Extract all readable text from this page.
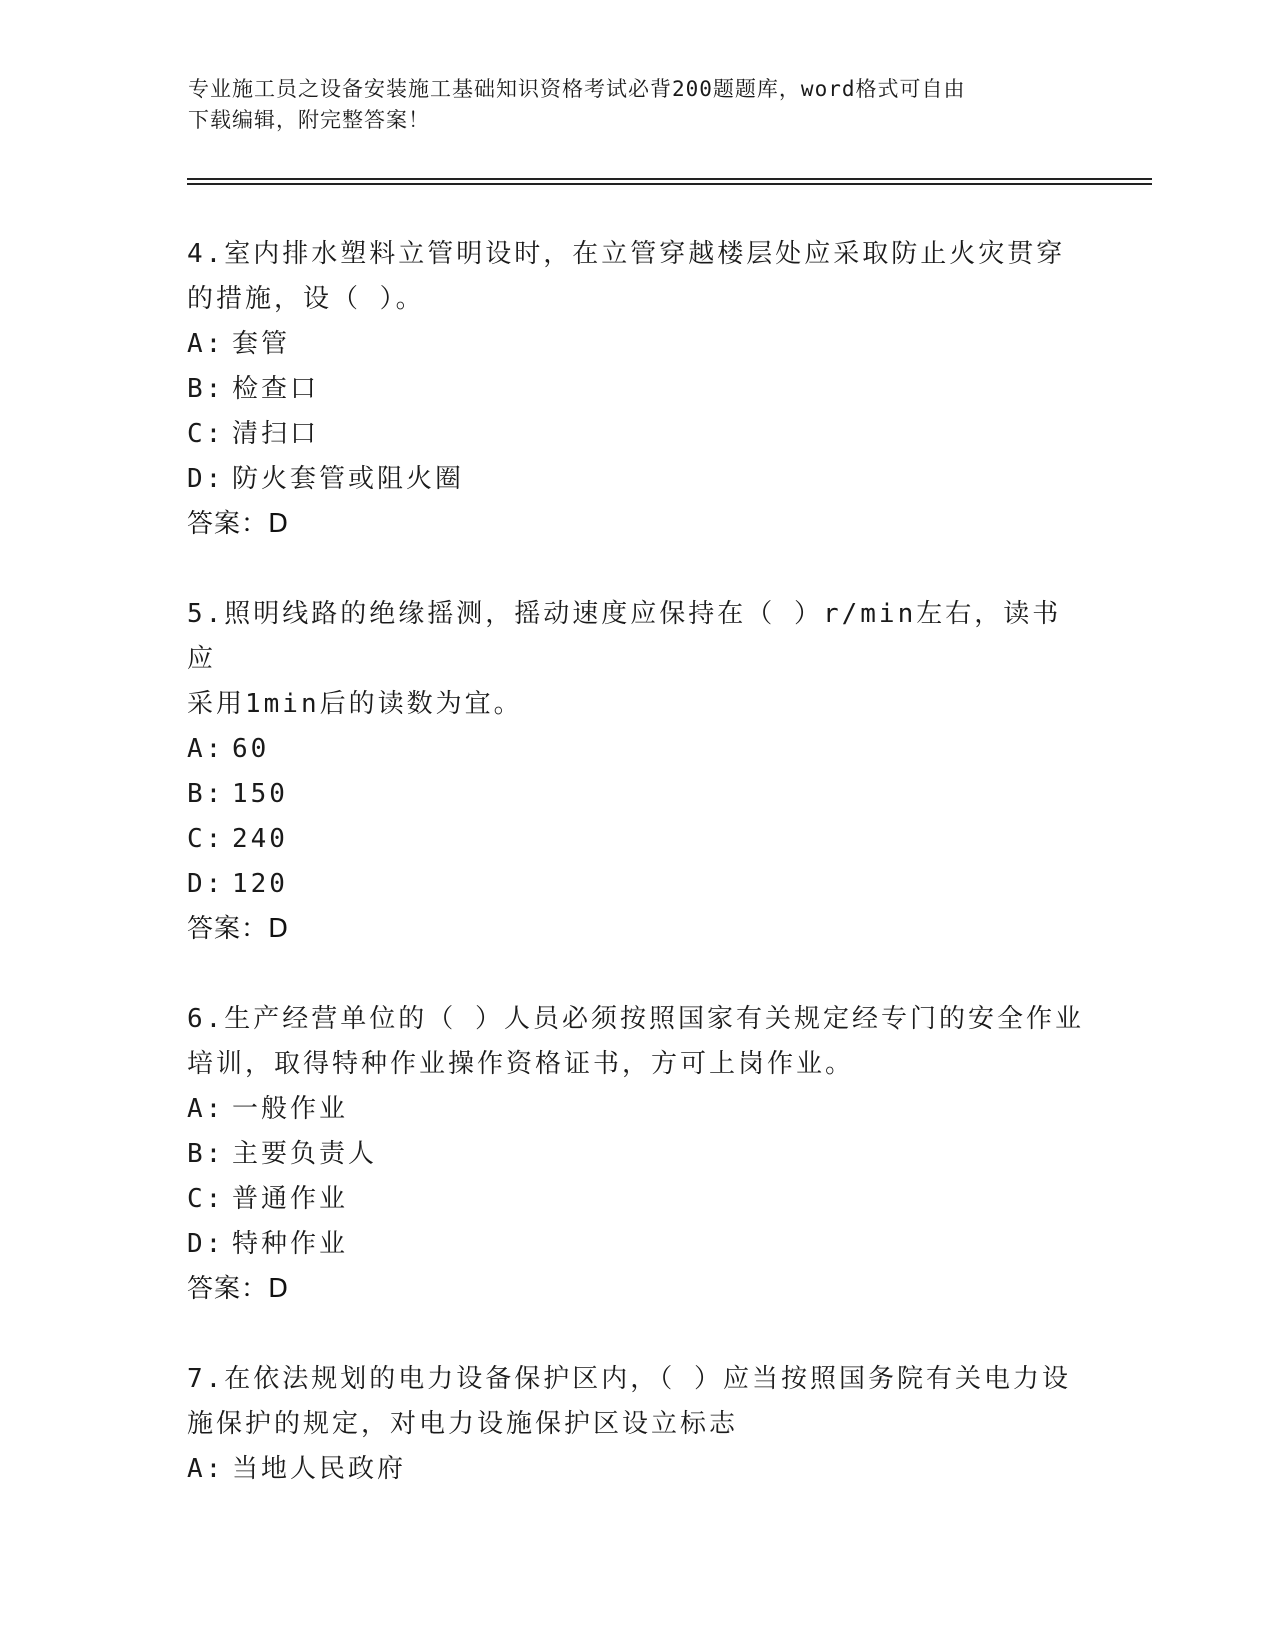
专业施工员之设备安装施工基础知识资格考试必背200题题库，word格式可自由
下载编辑，附完整答案！
4.室内排水塑料立管明设时，在立管穿越楼层处应采取防止火灾贯穿
的措施，设（ ）。
A: 套管
B: 检查口
C: 清扫口
D: 防火套管或阻火圈
答案：D
5.照明线路的绝缘摇测，摇动速度应保持在（ ）r/min左右，读书应
采用1min后的读数为宜。
A: 60
B: 150
C: 240
D: 120
答案：D
6.生产经营单位的（ ）人员必须按照国家有关规定经专门的安全作业
培训，取得特种作业操作资格证书，方可上岗作业。
A: 一般作业
B: 主要负责人
C: 普通作业
D: 特种作业
答案：D
7.在依法规划的电力设备保护区内，（ ）应当按照国务院有关电力设
施保护的规定，对电力设施保护区设立标志
A: 当地人民政府
